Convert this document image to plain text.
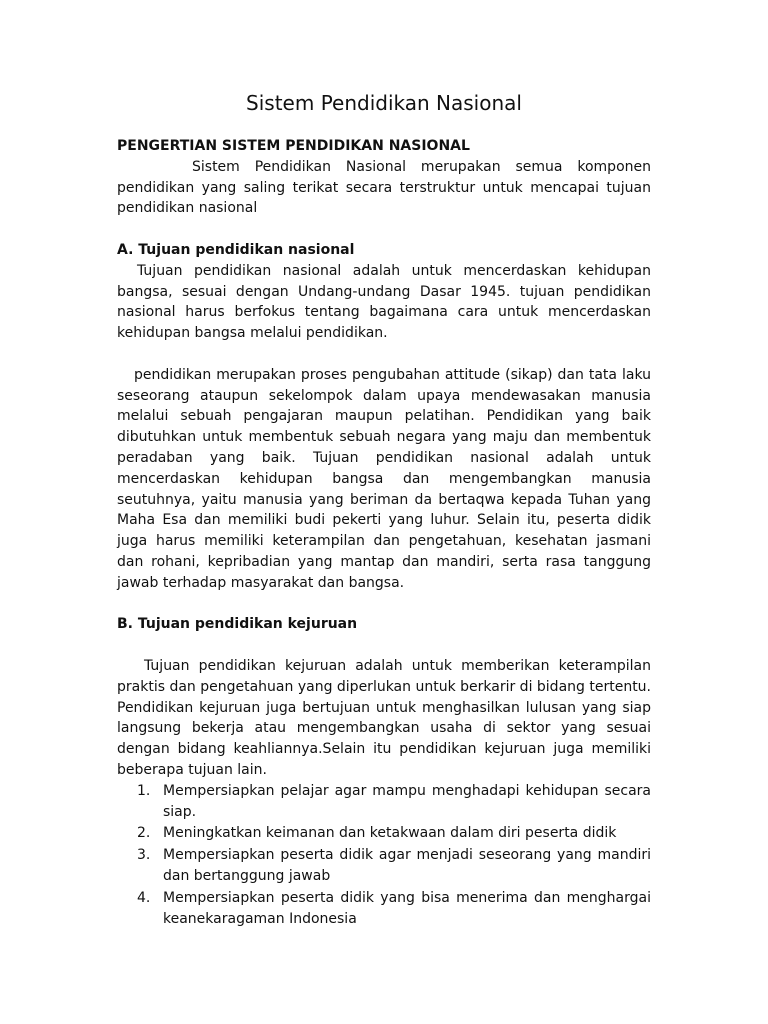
Sistem Pendidikan Nasional

PENGERTIAN SISTEM PENDIDIKAN NASIONAL

Sistem Pendidikan Nasional merupakan semua komponen pendidikan yang saling terikat secara terstruktur untuk mencapai tujuan pendidikan nasional

A. Tujuan pendidikan nasional

Tujuan pendidikan nasional adalah untuk mencerdaskan kehidupan bangsa, sesuai dengan Undang-undang Dasar 1945. tujuan pendidikan nasional harus berfokus tentang bagaimana cara untuk mencerdaskan kehidupan bangsa melalui pendidikan.

pendidikan merupakan proses pengubahan attitude (sikap) dan tata laku seseorang ataupun sekelompok dalam upaya mendewasakan manusia melalui sebuah pengajaran maupun pelatihan. Pendidikan yang baik dibutuhkan untuk membentuk sebuah negara yang maju dan membentuk peradaban yang baik. Tujuan pendidikan nasional adalah untuk mencerdaskan kehidupan bangsa dan mengembangkan manusia seutuhnya, yaitu manusia yang beriman da bertaqwa kepada Tuhan yang Maha Esa dan memiliki budi pekerti yang luhur. Selain itu, peserta didik juga harus memiliki keterampilan dan pengetahuan, kesehatan jasmani dan rohani, kepribadian yang mantap dan mandiri, serta rasa tanggung jawab terhadap masyarakat dan bangsa.

B. Tujuan pendidikan kejuruan

Tujuan pendidikan kejuruan adalah untuk memberikan keterampilan praktis dan pengetahuan yang diperlukan untuk berkarir di bidang tertentu. Pendidikan kejuruan juga bertujuan untuk menghasilkan lulusan yang siap langsung bekerja atau mengembangkan usaha di sektor yang sesuai dengan bidang keahliannya.Selain itu pendidikan kejuruan juga memiliki beberapa tujuan lain.

1. Mempersiapkan pelajar agar mampu menghadapi kehidupan secara siap.
2. Meningkatkan keimanan dan ketakwaan dalam diri peserta didik
3. Mempersiapkan peserta didik agar menjadi seseorang yang mandiri dan bertanggung jawab
4. Mempersiapkan peserta didik yang bisa menerima dan menghargai keanekaragaman Indonesia
